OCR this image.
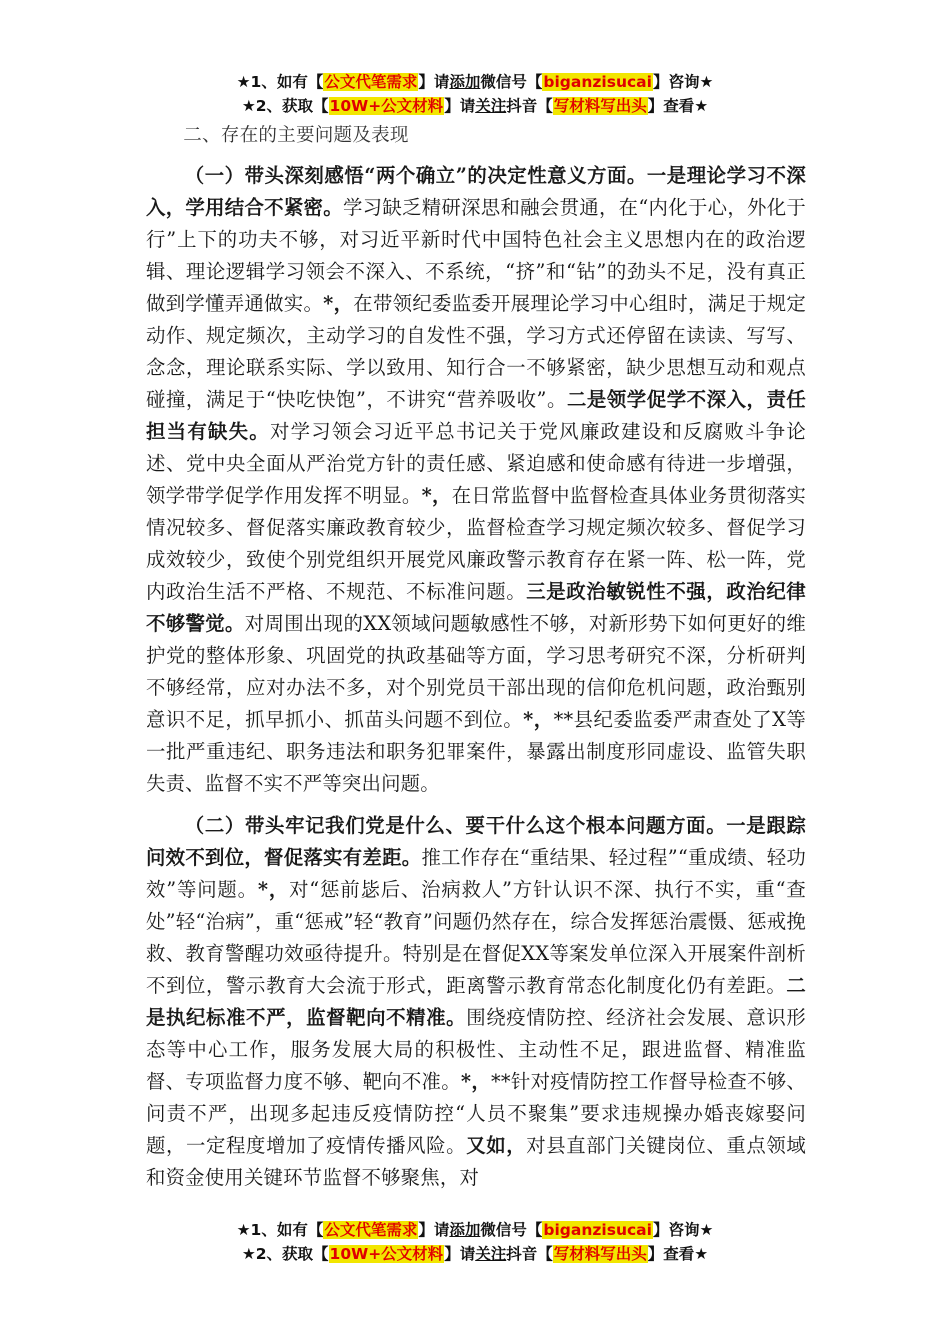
★1、如有【公文代笔需求】请添加微信号【biganzisucai】咨询★
★2、获取【10W+公文材料】请关注抖音【写材料写出头】查看★

二、存在的主要问题及表现

（一）带头深刻感悟“两个确立”的决定性意义方面。一是理论学习不深入，学用结合不紧密。学习缺乏精研深思和融会贯通，在“内化于心，外化于行”上下的功夫不够，对习近平新时代中国特色社会主义思想内在的政治逻辑、理论逻辑学习领会不深入、不系统，“挤”和“钻”的劲头不足，没有真正做到学懂弄通做实。*，在带领纪委监委开展理论学习中心组时，满足于规定动作、规定频次，主动学习的自发性不强，学习方式还停留在读读、写写、念念，理论联系实际、学以致用、知行合一不够紧密，缺少思想互动和观点碰撞，满足于“快吃快饱”，不讲究“营养吸收”。二是领学促学不深入，责任担当有缺失。对学习领会习近平总书记关于党风廉政建设和反腐败斗争论述、党中央全面从严治党方针的责任感、紧迫感和使命感有待进一步增强，领学带学促学作用发挥不明显。*，在日常监督中监督检查具体业务贯彻落实情况较多、督促落实廉政教育较少，监督检查学习规定频次较多、督促学习成效较少，致使个别党组织开展党风廉政警示教育存在紧一阵、松一阵，党内政治生活不严格、不规范、不标准问题。三是政治敏锐性不强，政治纪律不够警觉。对周围出现的XX领域问题敏感性不够，对新形势下如何更好的维护党的整体形象、巩固党的执政基础等方面，学习思考研究不深，分析研判不够经常，应对办法不多，对个别党员干部出现的信仰危机问题，政治甄别意识不足，抓早抓小、抓苗头问题不到位。*，**县纪委监委严肃查处了X等一批严重违纪、职务违法和职务犯罪案件，暴露出制度形同虚设、监管失职失责、监督不实不严等突出问题。

（二）带头牢记我们党是什么、要干什么这个根本问题方面。一是跟踪问效不到位，督促落实有差距。推工作存在“重结果、轻过程”“重成绩、轻功效”等问题。*，对“惩前毖后、治病救人”方针认识不深、执行不实，重“查处”轻“治病”，重“惩戒”轻“教育”问题仍然存在，综合发挥惩治震慑、惩戒挽救、教育警醒功效亟待提升。特别是在督促XX等案发单位深入开展案件剖析不到位，警示教育大会流于形式，距离警示教育常态化制度化仍有差距。二是执纪标准不严，监督靶向不精准。围绕疫情防控、经济社会发展、意识形态等中心工作，服务发展大局的积极性、主动性不足，跟进监督、精准监督、专项监督力度不够、靶向不准。*，**针对疫情防控工作督导检查不够、问责不严，出现多起违反疫情防控“人员不聚集”要求违规操办婚丧嫁娶问题，一定程度增加了疫情传播风险。又如，对县直部门关键岗位、重点领域和资金使用关键环节监督不够聚焦，对

★1、如有【公文代笔需求】请添加微信号【biganzisucai】咨询★
★2、获取【10W+公文材料】请关注抖音【写材料写出头】查看★
